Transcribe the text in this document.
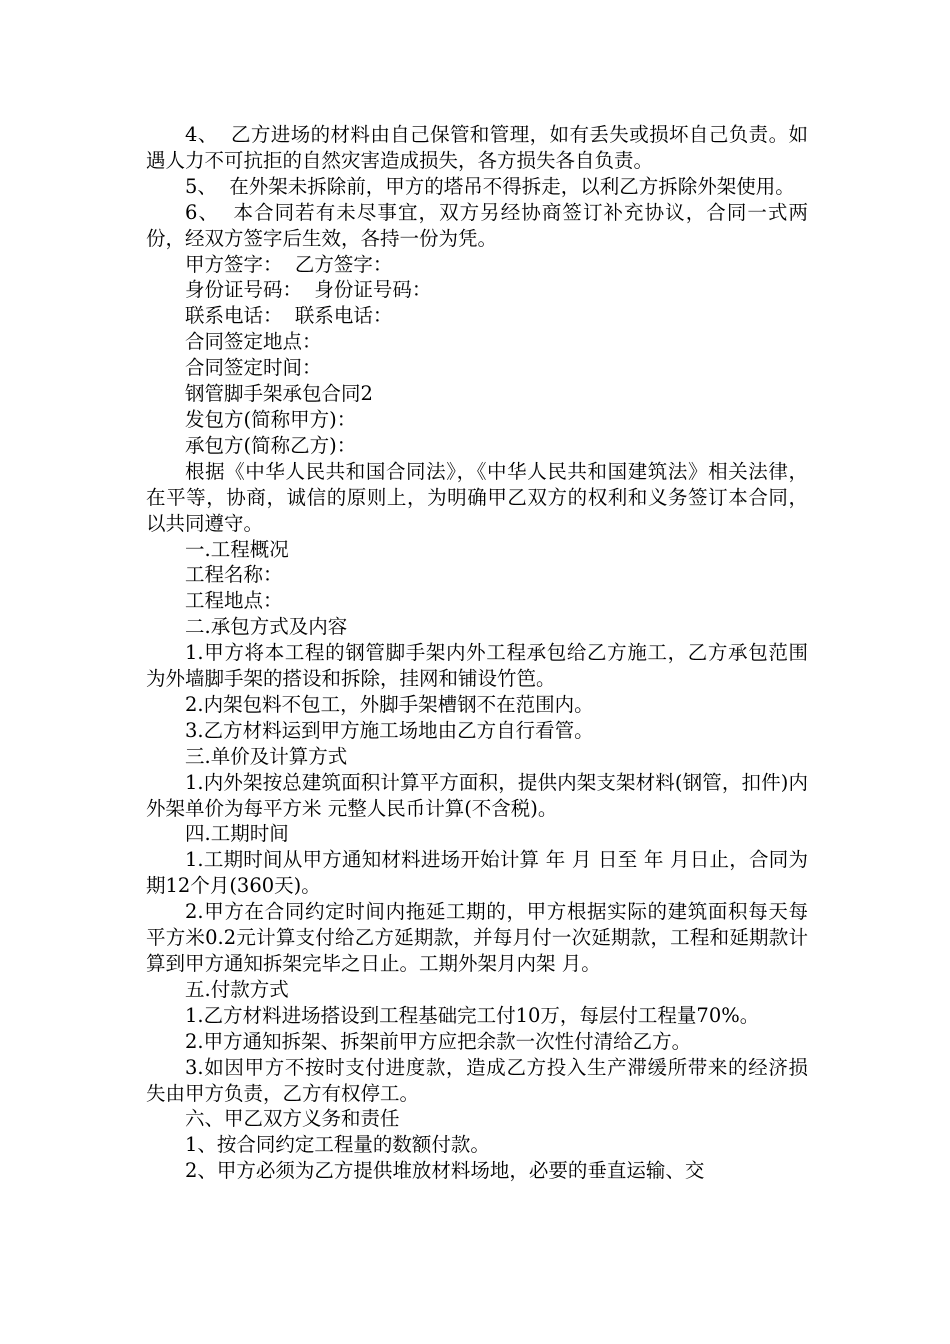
4、  乙方进场的材料由自己保管和管理，如有丢失或损坏自己负责。如遇人力不可抗拒的自然灾害造成损失，各方损失各自负责。

5、  在外架未拆除前，甲方的塔吊不得拆走，以利乙方拆除外架使用。

6、  本合同若有未尽事宜，双方另经协商签订补充协议，合同一式两份，经双方签字后生效，各持一份为凭。

甲方签字：  乙方签字：

身份证号码：  身份证号码：

联系电话：  联系电话：

合同签定地点：

合同签定时间：

钢管脚手架承包合同2

发包方(简称甲方)：

承包方(简称乙方)：

根据《中华人民共和国合同法》，《中华人民共和国建筑法》相关法律，在平等，协商，诚信的原则上，为明确甲乙双方的权利和义务签订本合同，以共同遵守。

一.工程概况

工程名称：

工程地点：

二.承包方式及内容

1.甲方将本工程的钢管脚手架内外工程承包给乙方施工，乙方承包范围为外墙脚手架的搭设和拆除，挂网和铺设竹笆。

2.内架包料不包工，外脚手架槽钢不在范围内。

3.乙方材料运到甲方施工场地由乙方自行看管。

三.单价及计算方式

1.内外架按总建筑面积计算平方面积，提供内架支架材料(钢管，扣件)内外架单价为每平方米 元整人民币计算(不含税)。

四.工期时间

1.工期时间从甲方通知材料进场开始计算 年 月 日至 年 月日止，合同为期12个月(360天)。

2.甲方在合同约定时间内拖延工期的，甲方根据实际的建筑面积每天每平方米0.2元计算支付给乙方延期款，并每月付一次延期款，工程和延期款计算到甲方通知拆架完毕之日止。工期外架月内架 月。

五.付款方式

1.乙方材料进场搭设到工程基础完工付10万，每层付工程量70%。

2.甲方通知拆架、拆架前甲方应把余款一次性付清给乙方。

3.如因甲方不按时支付进度款，造成乙方投入生产滞缓所带来的经济损失由甲方负责，乙方有权停工。

六、甲乙双方义务和责任

1、按合同约定工程量的数额付款。

2、甲方必须为乙方提供堆放材料场地，必要的垂直运输、交
